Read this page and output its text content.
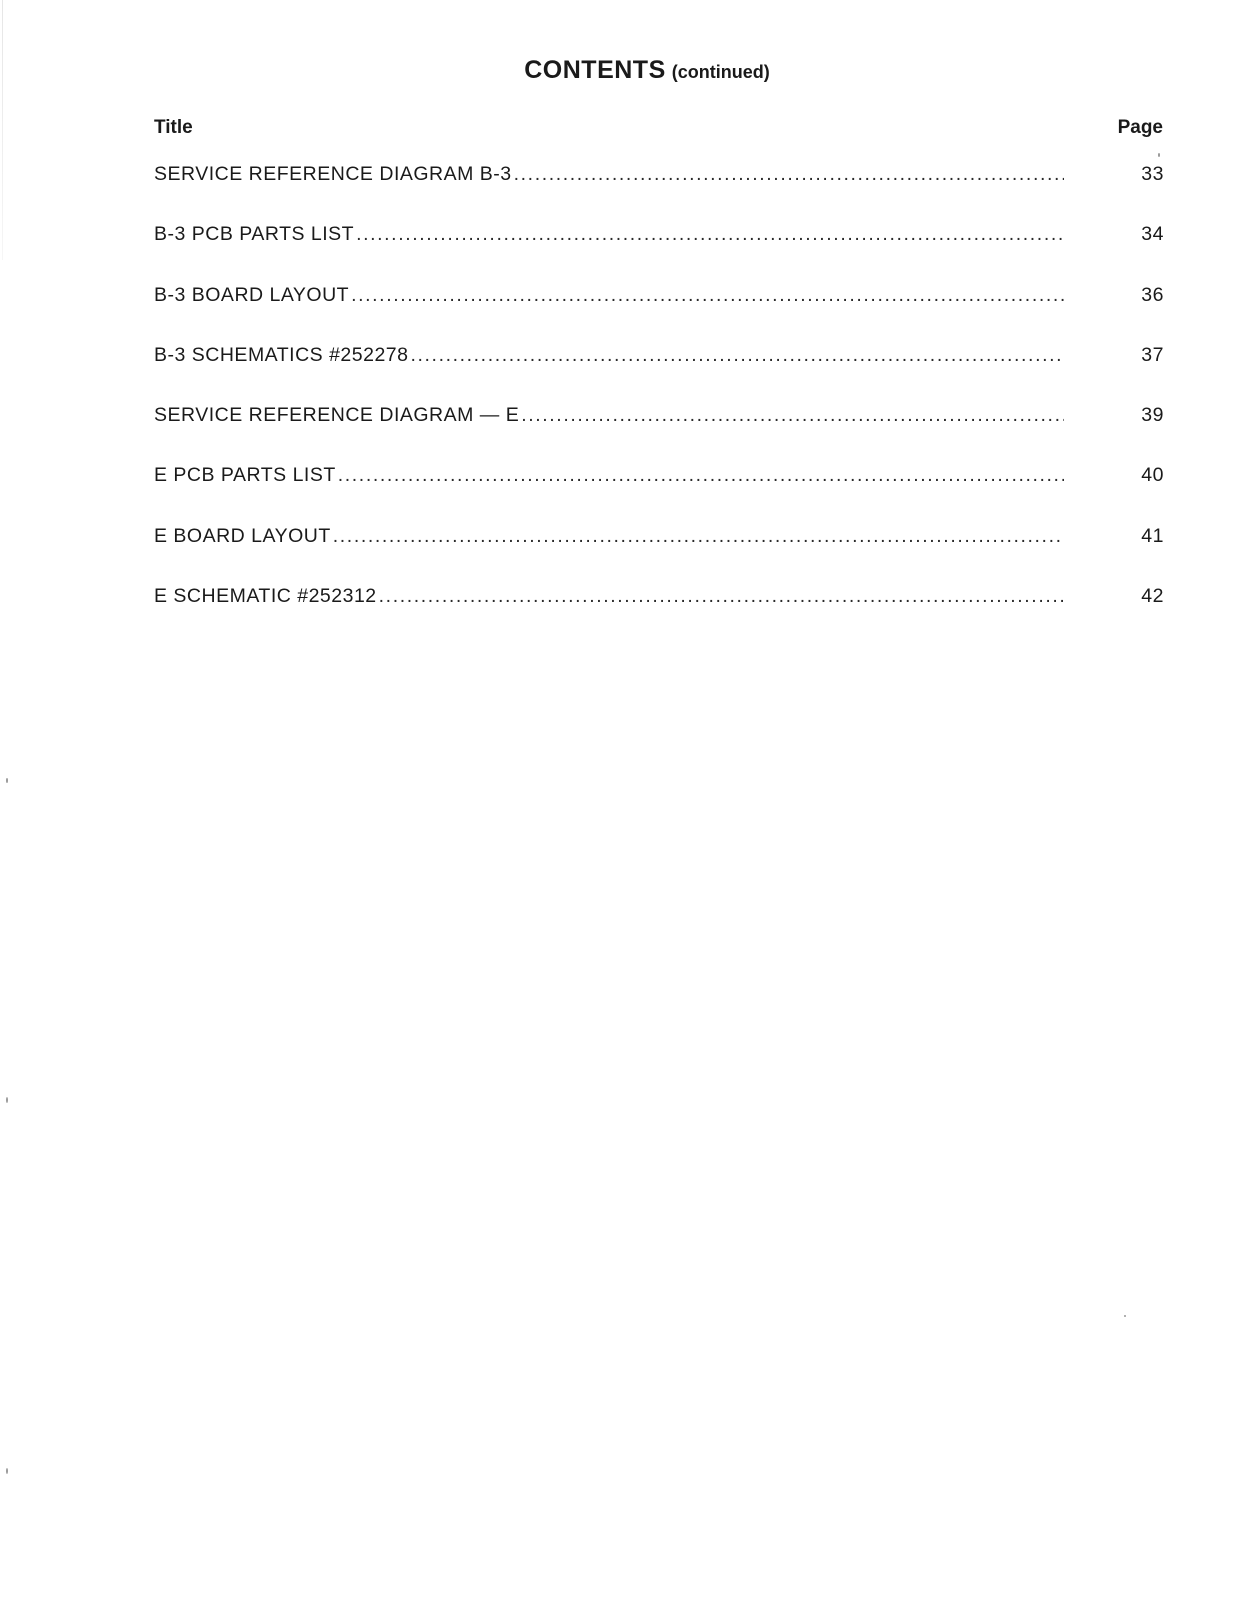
CONTENTS (continued)
Title	Page
SERVICE REFERENCE DIAGRAM B-3 .....	33
B-3 PCB PARTS LIST .....	34
B-3 BOARD LAYOUT .....	36
B-3 SCHEMATICS #252278 .....	37
SERVICE REFERENCE DIAGRAM — E .....	39
E PCB PARTS LIST .....	40
E BOARD LAYOUT .....	41
E SCHEMATIC #252312 .....	42
